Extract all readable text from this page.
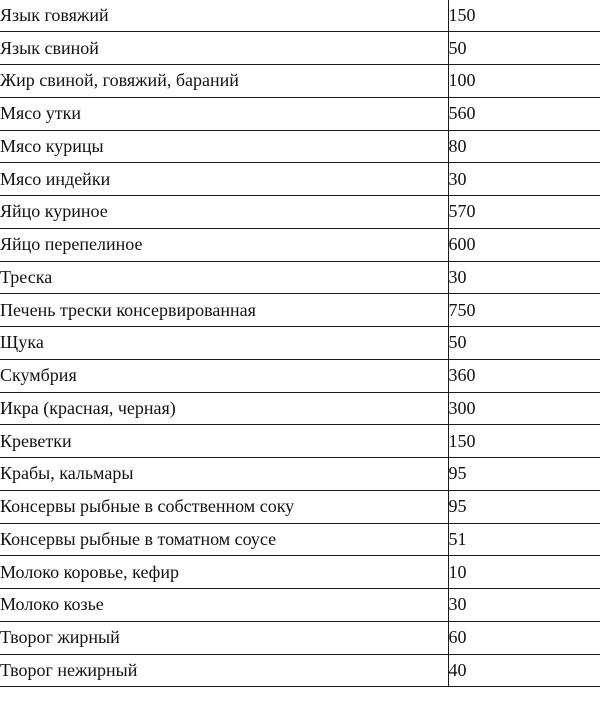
Язык говяжий	150
Язык свиной	50
Жир свиной, говяжий, бараний	100
Мясо утки	560
Мясо курицы	80
Мясо индейки	30
Яйцо куриное	570
Яйцо перепелиное	600
Треска	30
Печень трески консервированная	750
Щука	50
Скумбрия	360
Икра (красная, черная)	300
Креветки	150
Крабы, кальмары	95
Консервы рыбные в собственном соку	95
Консервы рыбные в томатном соусе	51
Молоко коровье, кефир	10
Молоко козье	30
Творог жирный	60
Творог нежирный	40
